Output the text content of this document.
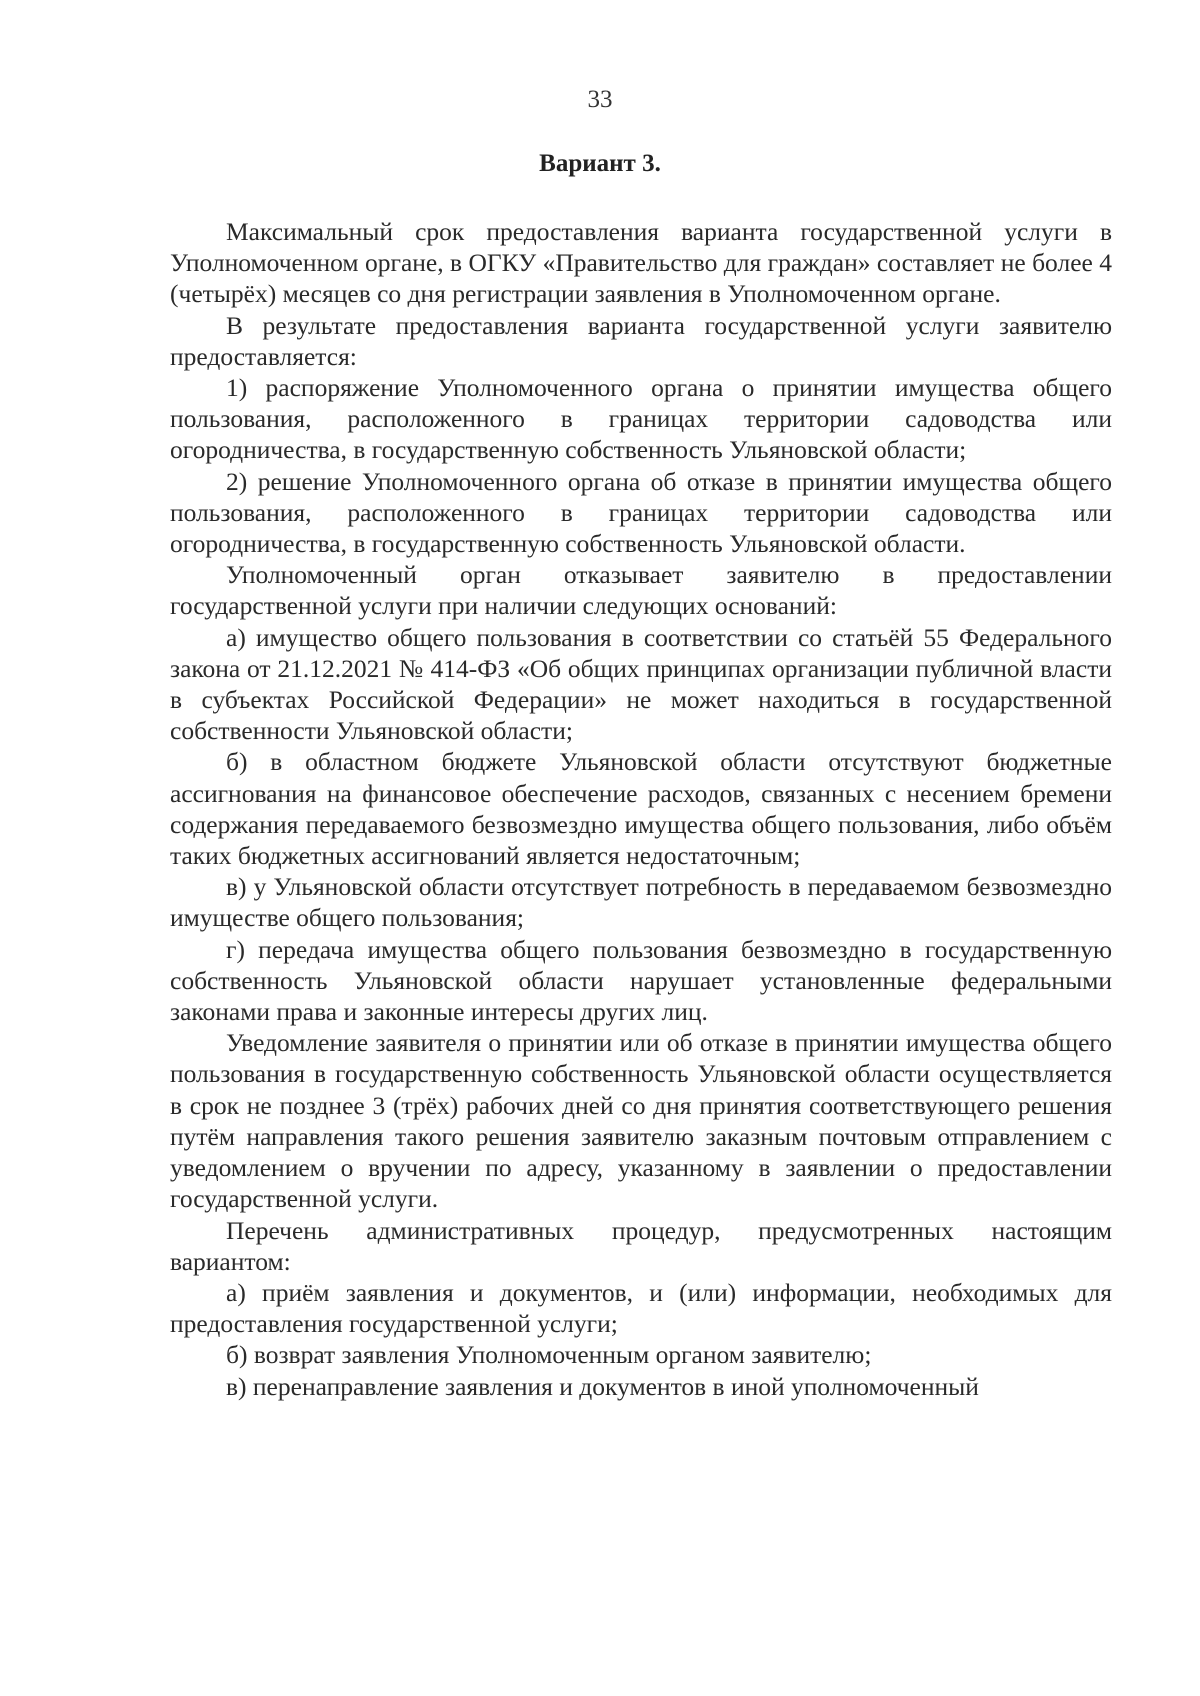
33
Вариант 3.

Максимальный срок предоставления варианта государственной услуги в Уполномоченном органе, в ОГКУ «Правительство для граждан» составляет не более 4 (четырёх) месяцев со дня регистрации заявления в Уполномоченном органе.

В результате предоставления варианта государственной услуги заявителю предоставляется:

1) распоряжение Уполномоченного органа о принятии имущества общего пользования, расположенного в границах территории садоводства или огородничества, в государственную собственность Ульяновской области;

2) решение Уполномоченного органа об отказе в принятии имущества общего пользования, расположенного в границах территории садоводства или огородничества, в государственную собственность Ульяновской области.

Уполномоченный орган отказывает заявителю в предоставлении государственной услуги при наличии следующих оснований:

а) имущество общего пользования в соответствии со статьёй 55 Федерального закона от 21.12.2021 № 414-ФЗ «Об общих принципах организации публичной власти в субъектах Российской Федерации» не может находиться в государственной собственности Ульяновской области;

б) в областном бюджете Ульяновской области отсутствуют бюджетные ассигнования на финансовое обеспечение расходов, связанных с несением бремени содержания передаваемого безвозмездно имущества общего пользования, либо объём таких бюджетных ассигнований является недостаточным;

в) у Ульяновской области отсутствует потребность в передаваемом безвозмездно имуществе общего пользования;

г) передача имущества общего пользования безвозмездно в государственную собственность Ульяновской области нарушает установленные федеральными законами права и законные интересы других лиц.

Уведомление заявителя о принятии или об отказе в принятии имущества общего пользования в государственную собственность Ульяновской области осуществляется в срок не позднее 3 (трёх) рабочих дней со дня принятия соответствующего решения путём направления такого решения заявителю заказным почтовым отправлением с уведомлением о вручении по адресу, указанному в заявлении о предоставлении государственной услуги.

Перечень административных процедур, предусмотренных настоящим вариантом:

а) приём заявления и документов, и (или) информации, необходимых для предоставления государственной услуги;

б) возврат заявления Уполномоченным органом заявителю;

в) перенаправление заявления и документов в иной уполномоченный
